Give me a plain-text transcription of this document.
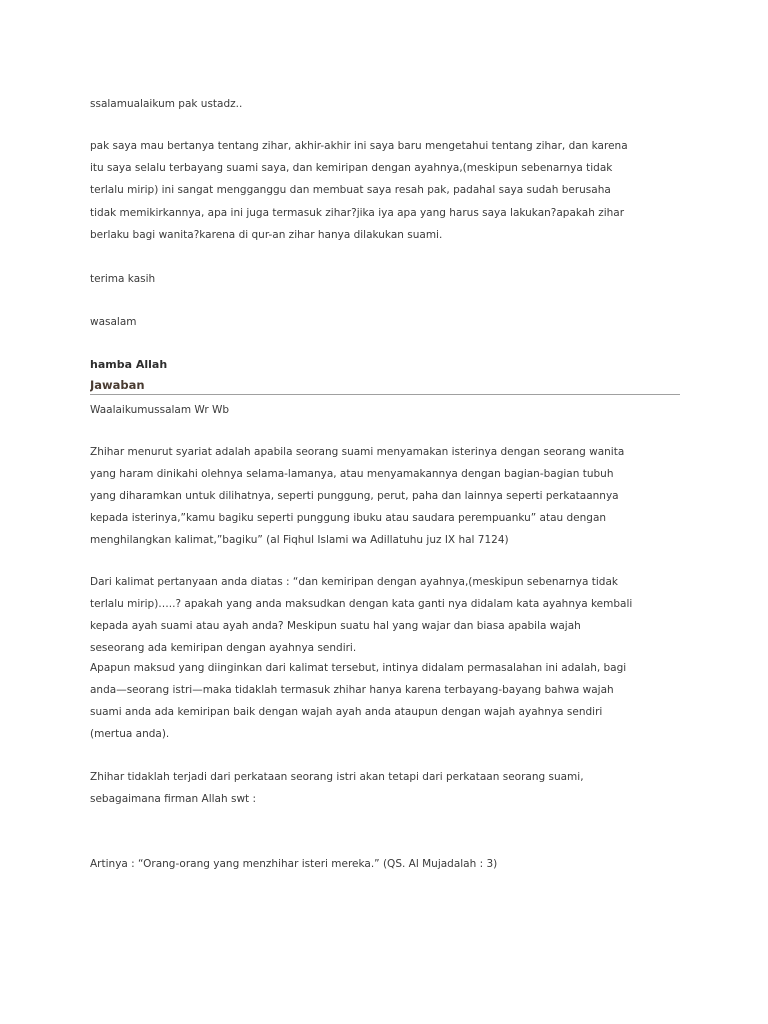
ssalamualaikum pak ustadz..
pak saya mau bertanya tentang zihar, akhir-akhir ini saya baru mengetahui tentang zihar, dan karena
itu saya selalu terbayang suami saya, dan kemiripan dengan ayahnya,(meskipun sebenarnya tidak
terlalu mirip) ini sangat mengganggu dan membuat saya resah pak, padahal saya sudah berusaha
tidak memikirkannya, apa ini juga termasuk zihar?jika iya apa yang harus saya lakukan?apakah zihar
berlaku bagi wanita?karena di qur-an zihar hanya dilakukan suami.
terima kasih
wasalam
hamba Allah
Jawaban
Waalaikumussalam Wr Wb
Zhihar menurut syariat adalah apabila seorang suami menyamakan isterinya dengan seorang wanita
yang haram dinikahi olehnya selama-lamanya, atau menyamakannya dengan bagian-bagian tubuh
yang diharamkan untuk dilihatnya, seperti punggung, perut, paha dan lainnya seperti perkataannya
kepada isterinya,”kamu bagiku seperti punggung ibuku atau saudara perempuanku” atau dengan
menghilangkan kalimat,”bagiku” (al Fiqhul Islami wa Adillatuhu juz IX hal 7124)
Dari kalimat pertanyaan anda diatas : “dan kemiripan dengan ayahnya,(meskipun sebenarnya tidak
terlalu mirip)…..? apakah yang anda maksudkan dengan kata ganti nya didalam kata ayahnya kembali
kepada ayah suami atau ayah anda? Meskipun suatu hal yang wajar dan biasa apabila wajah
seseorang ada kemiripan dengan ayahnya sendiri.
Apapun maksud yang diinginkan dari kalimat tersebut, intinya didalam permasalahan ini adalah, bagi
anda—seorang istri—maka tidaklah termasuk zhihar hanya karena terbayang-bayang bahwa wajah
suami anda ada kemiripan baik dengan wajah ayah anda ataupun dengan wajah ayahnya sendiri
(mertua anda).
Zhihar tidaklah terjadi dari perkataan seorang istri akan tetapi dari perkataan seorang suami,
sebagaimana firman Allah swt :
Artinya : “Orang-orang yang menzhihar isteri mereka.” (QS. Al Mujadalah : 3)
